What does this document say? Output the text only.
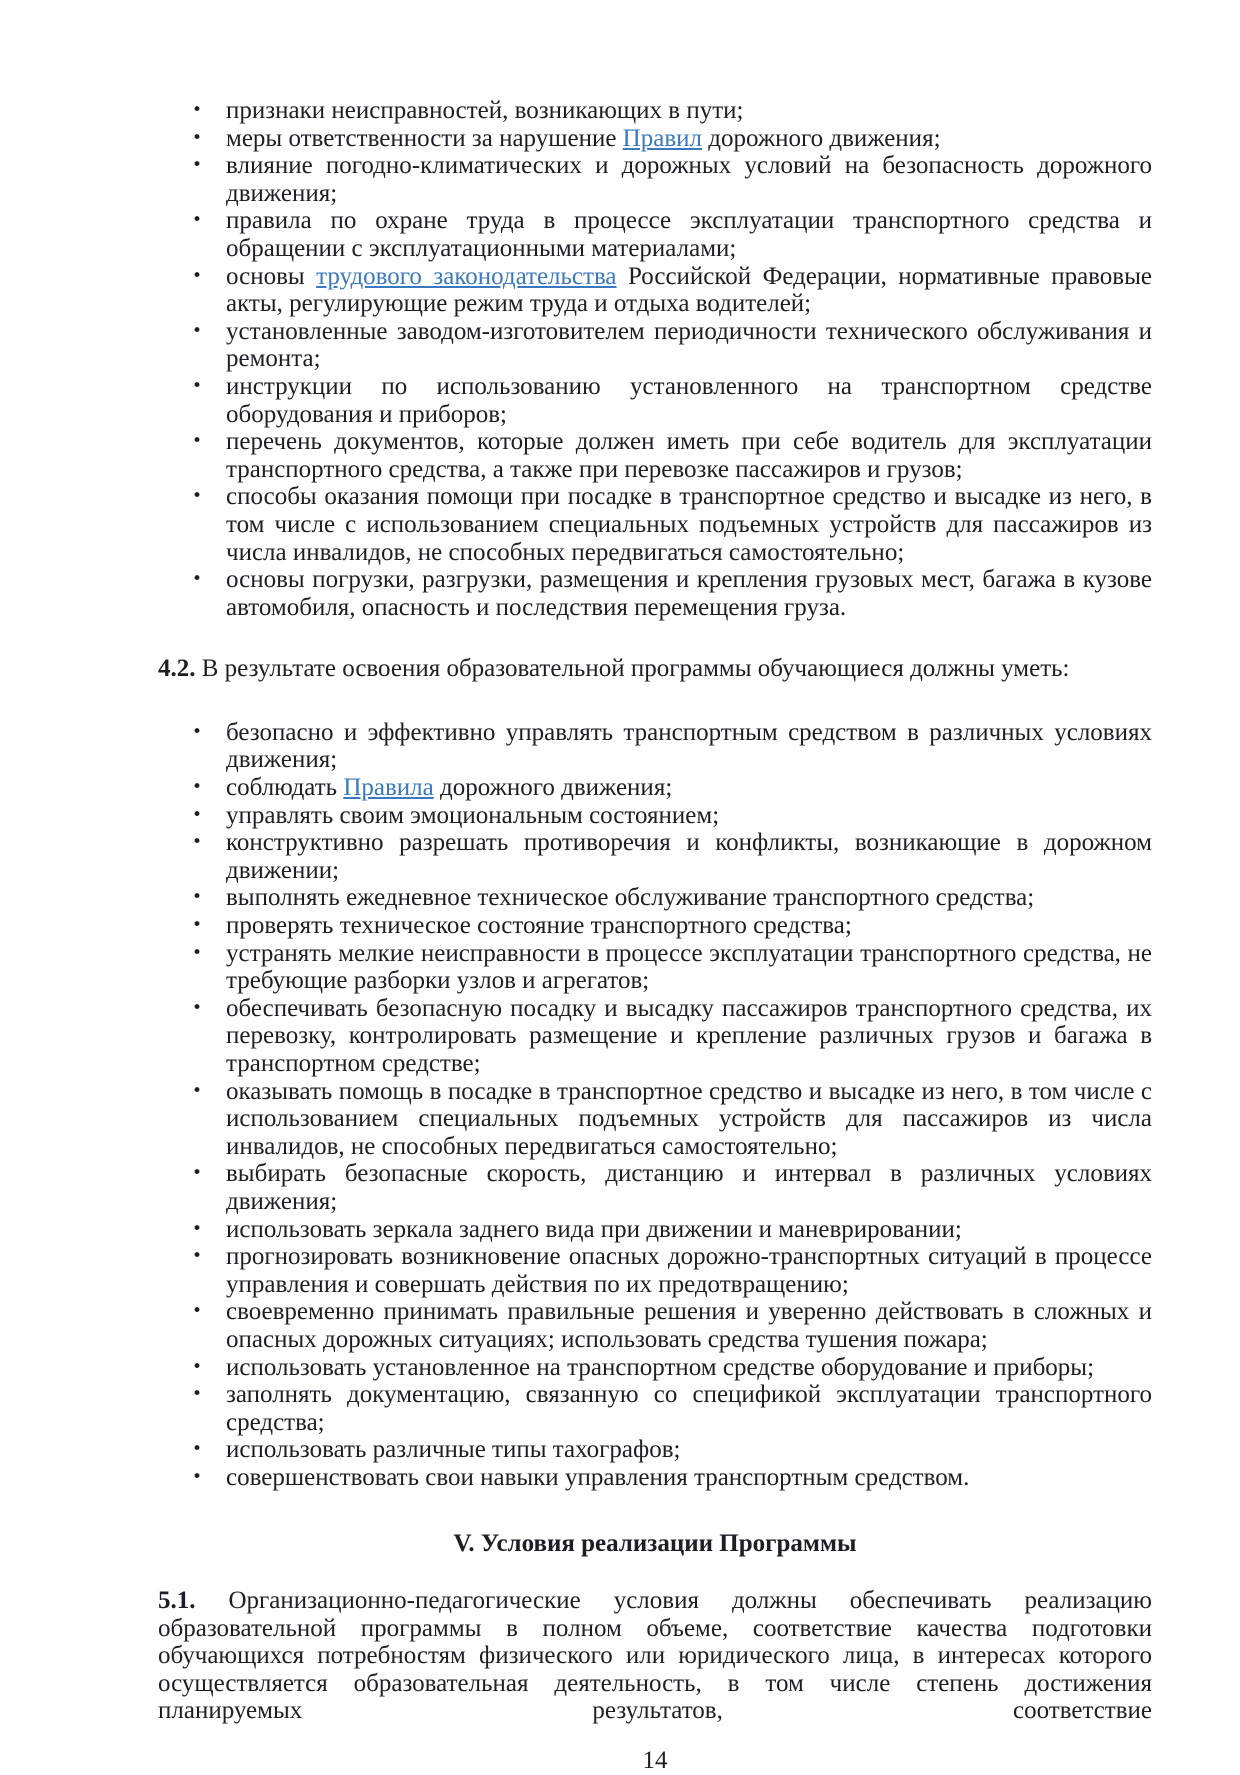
• признаки неисправностей, возникающих в пути;
• меры ответственности за нарушение Правил дорожного движения;
• влияние погодно-климатических и дорожных условий на безопасность дорожного движения;
• правила по охране труда в процессе эксплуатации транспортного средства и обращении с эксплуатационными материалами;
• основы трудового законодательства Российской Федерации, нормативные правовые акты, регулирующие режим труда и отдыха водителей;
• установленные заводом-изготовителем периодичности технического обслуживания и ремонта;
• инструкции по использованию установленного на транспортном средстве оборудования и приборов;
• перечень документов, которые должен иметь при себе водитель для эксплуатации транспортного средства, а также при перевозке пассажиров и грузов;
• способы оказания помощи при посадке в транспортное средство и высадке из него, в том числе с использованием специальных подъемных устройств для пассажиров из числа инвалидов, не способных передвигаться самостоятельно;
• основы погрузки, разгрузки, размещения и крепления грузовых мест, багажа в кузове автомобиля, опасность и последствия перемещения груза.

4.2. В результате освоения образовательной программы обучающиеся должны уметь:

• безопасно и эффективно управлять транспортным средством в различных условиях движения;
• соблюдать Правила дорожного движения;
• управлять своим эмоциональным состоянием;
• конструктивно разрешать противоречия и конфликты, возникающие в дорожном движении;
• выполнять ежедневное техническое обслуживание транспортного средства;
• проверять техническое состояние транспортного средства;
• устранять мелкие неисправности в процессе эксплуатации транспортного средства, не требующие разборки узлов и агрегатов;
• обеспечивать безопасную посадку и высадку пассажиров транспортного средства, их перевозку, контролировать размещение и крепление различных грузов и багажа в транспортном средстве;
• оказывать помощь в посадке в транспортное средство и высадке из него, в том числе с использованием специальных подъемных устройств для пассажиров из числа инвалидов, не способных передвигаться самостоятельно;
• выбирать безопасные скорость, дистанцию и интервал в различных условиях движения;
• использовать зеркала заднего вида при движении и маневрировании;
• прогнозировать возникновение опасных дорожно-транспортных ситуаций в процессе управления и совершать действия по их предотвращению;
• своевременно принимать правильные решения и уверенно действовать в сложных и опасных дорожных ситуациях; использовать средства тушения пожара;
• использовать установленное на транспортном средстве оборудование и приборы;
• заполнять документацию, связанную со спецификой эксплуатации транспортного средства;
• использовать различные типы тахографов;
• совершенствовать свои навыки управления транспортным средством.

V. Условия реализации Программы

5.1. Организационно-педагогические условия должны обеспечивать реализацию образовательной программы в полном объеме, соответствие качества подготовки обучающихся потребностям физического или юридического лица, в интересах которого осуществляется образовательная деятельность, в том числе степень достижения планируемых результатов, соответствие

14
